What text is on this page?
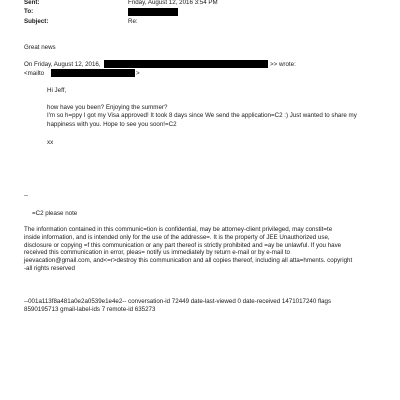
Sent:	Friday, August 12, 2016 3:54 PM
To:
Subject:	Re:
Great news
On Friday, August 12, 2016,	>> wrote:
<mailto	>
Hi Jeff,
how have you been? Enjoying the summer?
I'm so h=ppy I got my Visa approved! It took 8 days since We send the application=C2 :) Just wanted to share my
happiness with you. Hope to see you soon!=C2
xx
--
=C2 please note
The information contained in this communic=tion is confidential, may be attorney-client privileged, may constit=te
inside information, and is intended only for the use of the addresse=. It is the property of JEE Unauthorized use,
disclosure or copying =f this communication or any part thereof is strictly prohibited and =ay be unlawful. If you have
received this communication in error, pleas= notify us immediately by return e-mail or by e-mail to
jeevacation@gmail.com, and<=r>destroy this communication and all copies thereof, including all atta=hments. copyright
-all rights reserved
--001a113f8a481a0e2a0539e1e4e2-- conversation-id 72449 date-last-viewed 0 date-received 1471017240 flags
8590195713 gmail-label-ids 7 remote-id 635273
